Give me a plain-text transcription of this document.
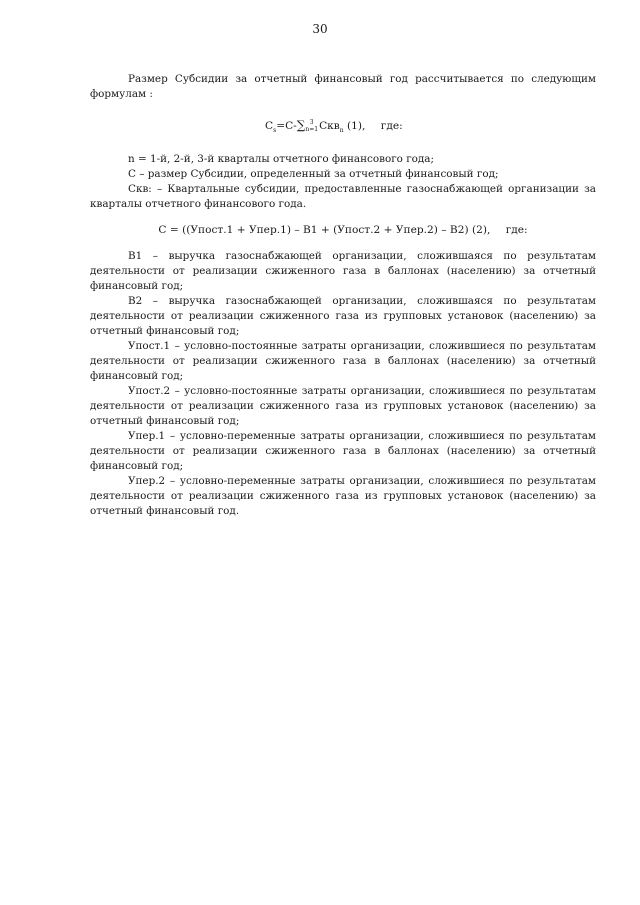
30

Размер Субсидии за отчетный финансовый год рассчитывается по следующим формулам :

$C_s=C-\sum$ 3
n=1 Скв$_n$ (1), где:

n = 1-й, 2-й, 3-й кварталы отчетного финансового года;

С – размер Субсидии, определенный за отчетный финансовый год;

Скв: – Квартальные субсидии, предоставленные газоснабжающей организации за кварталы отчетного финансового года.

С = ((Упост.1 + Упер.1) – В1 + (Упост.2 + Упер.2) – В2) (2), где:

В1 – выручка газоснабжающей организации, сложившаяся по результатам деятельности от реализации сжиженного газа в баллонах (населению) за отчетный финансовый год;

В2 – выручка газоснабжающей организации, сложившаяся по результатам деятельности от реализации сжиженного газа из групповых установок (населению) за отчетный финансовый год;

Упост.1 – условно-постоянные затраты организации, сложившиеся по результатам деятельности от реализации сжиженного газа в баллонах (населению) за отчетный финансовый год;

Упост.2 – условно-постоянные затраты организации, сложившиеся по результатам деятельности от реализации сжиженного газа из групповых установок (населению) за отчетный финансовый год;

Упер.1 – условно-переменные затраты организации, сложившиеся по результатам деятельности от реализации сжиженного газа в баллонах (населению) за отчетный финансовый год;

Упер.2 – условно-переменные затраты организации, сложившиеся по результатам деятельности от реализации сжиженного газа из групповых установок (населению) за отчетный финансовый год.
